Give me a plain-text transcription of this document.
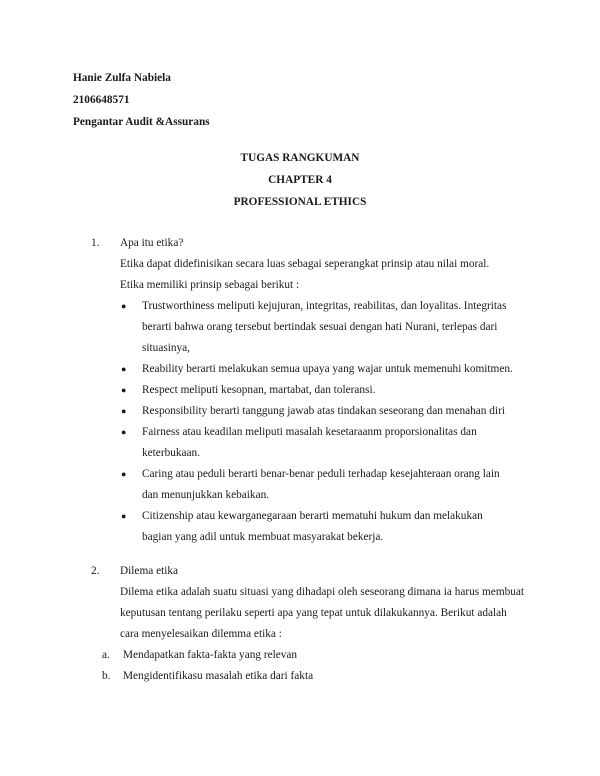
Hanie Zulfa Nabiela
2106648571
Pengantar Audit &Assurans
TUGAS RANGKUMAN
CHAPTER 4
PROFESSIONAL ETHICS
1. Apa itu etika?
Etika dapat didefinisikan secara luas sebagai seperangkat prinsip atau nilai moral.
Etika memiliki prinsip sebagai berikut :
● Trustworthiness meliputi kejujuran, integritas, reabilitas, dan loyalitas. Integritas
berarti bahwa orang tersebut bertindak sesuai dengan hati Nurani, terlepas dari
situasinya,
● Reability berarti melakukan semua upaya yang wajar untuk memenuhi komitmen.
● Respect meliputi kesopnan, martabat, dan toleransi.
● Responsibility berarti tanggung jawab atas tindakan seseorang dan menahan diri
● Fairness atau keadilan meliputi masalah kesetaraanm proporsionalitas dan
keterbukaan.
● Caring atau peduli berarti benar-benar peduli terhadap kesejahteraan orang lain
dan menunjukkan kebaikan.
● Citizenship atau kewarganegaraan berarti mematuhi hukum dan melakukan
bagian yang adil untuk membuat masyarakat bekerja.
2. Dilema etika
Dilema etika adalah suatu situasi yang dihadapi oleh seseorang dimana ia harus membuat
keputusan tentang perilaku seperti apa yang tepat untuk dilakukannya. Berikut adalah
cara menyelesaikan dilemma etika :
a. Mendapatkan fakta-fakta yang relevan
b. Mengidentifikasu masalah etika dari fakta
